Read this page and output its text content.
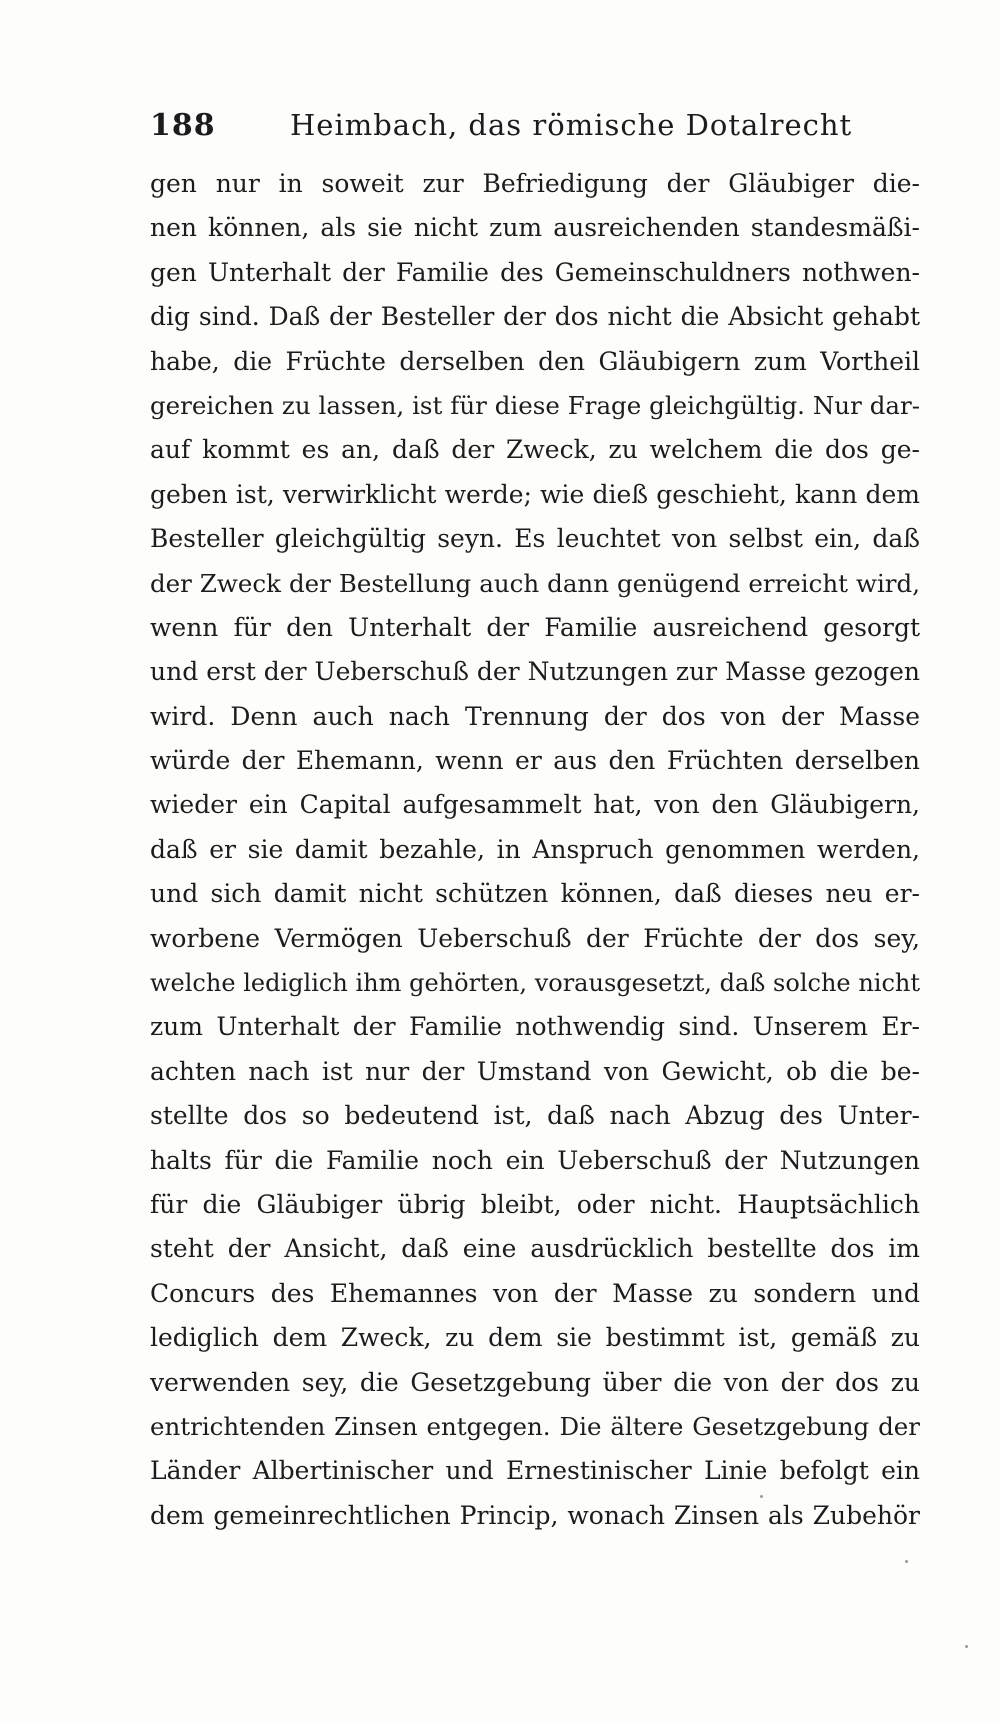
188	Heimbach, das römische Dotalrecht
gen nur in soweit zur Befriedigung der Gläubiger die-
nen können, als sie nicht zum ausreichenden standesmäßi-
gen Unterhalt der Familie des Gemeinschuldners nothwen-
dig sind. Daß der Besteller der dos nicht die Absicht gehabt
habe, die Früchte derselben den Gläubigern zum Vortheil
gereichen zu lassen, ist für diese Frage gleichgültig. Nur dar-
auf kommt es an, daß der Zweck, zu welchem die dos ge-
geben ist, verwirklicht werde; wie dieß geschieht, kann dem
Besteller gleichgültig seyn. Es leuchtet von selbst ein, daß
der Zweck der Bestellung auch dann genügend erreicht wird,
wenn für den Unterhalt der Familie ausreichend gesorgt
und erst der Ueberschuß der Nutzungen zur Masse gezogen
wird. Denn auch nach Trennung der dos von der Masse
würde der Ehemann, wenn er aus den Früchten derselben
wieder ein Capital aufgesammelt hat, von den Gläubigern,
daß er sie damit bezahle, in Anspruch genommen werden,
und sich damit nicht schützen können, daß dieses neu er-
worbene Vermögen Ueberschuß der Früchte der dos sey,
welche lediglich ihm gehörten, vorausgesetzt, daß solche nicht
zum Unterhalt der Familie nothwendig sind. Unserem Er-
achten nach ist nur der Umstand von Gewicht, ob die be-
stellte dos so bedeutend ist, daß nach Abzug des Unter-
halts für die Familie noch ein Ueberschuß der Nutzungen
für die Gläubiger übrig bleibt, oder nicht. Hauptsächlich
steht der Ansicht, daß eine ausdrücklich bestellte dos im
Concurs des Ehemannes von der Masse zu sondern und
lediglich dem Zweck, zu dem sie bestimmt ist, gemäß zu
verwenden sey, die Gesetzgebung über die von der dos zu
entrichtenden Zinsen entgegen. Die ältere Gesetzgebung der
Länder Albertinischer und Ernestinischer Linie befolgt ein
dem gemeinrechtlichen Princip, wonach Zinsen als Zubehör
